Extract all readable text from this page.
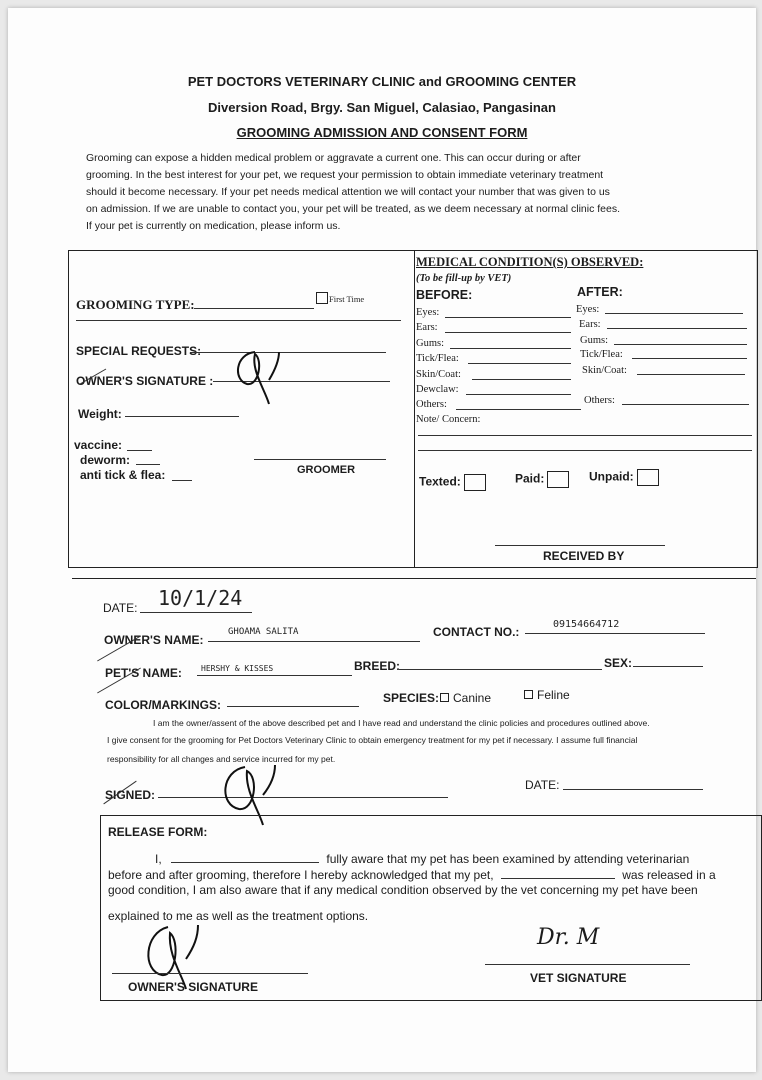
PET DOCTORS VETERINARY CLINIC and GROOMING CENTER
Diversion Road, Brgy. San Miguel, Calasiao, Pangasinan
GROOMING ADMISSION AND CONSENT FORM

Grooming can expose a hidden medical problem or aggravate a current one. This can occur during or after

grooming. In the best interest for your pet, we request your permission to obtain immediate veterinary treatment

should it become necessary. If your pet needs medical attention we will contact your number that was given to us

on admission. If we are unable to contact you, your pet will be treated, as we deem necessary at normal clinic fees.

If your pet is currently on medication, please inform us.

GROOMING TYPE:	First Time
SPECIAL REQUESTS:
OWNER'S SIGNATURE :
Weight:
vaccine:
deworm:
anti tick & flea:	GROOMER
MEDICAL CONDITION(S) OBSERVED:
(To be fill-up by VET)
BEFORE:	AFTER:
Eyes:	Eyes:
Ears:	Ears:
Gums:	Gums:
Tick/Flea:	Tick/Flea:
Skin/Coat:	Skin/Coat:
Dewclaw:
Others:	Others:
Note/ Concern:
Texted:	Paid:	Unpaid:
RECEIVED BY
DATE: 10/1/24
OWNER'S NAME:
GHOAMA SALITA	CONTACT NO.:
09154664712
PET'S NAME: HERSHY & KISSES	BREED:	SEX:
COLOR/MARKINGS:	SPECIES:	Canine	Feline
I am the owner/assent of the above described pet and I have read and understand the clinic policies and procedures outlined above.
I give consent for the grooming for Pet Doctors Veterinary Clinic to obtain emergency treatment for my pet if necessary. I assume full financial
responsibility for all changes and service incurred for my pet.
SIGNED:
DATE:
RELEASE FORM:
I,	fully aware that my pet has been examined by attending veterinarian
before and after grooming, therefore I hereby acknowledged that my pet,	was released in a
good condition, I am also aware that if any medical condition observed by the vet concerning my pet have been
explained to me as well as the treatment options.
OWNER'S SIGNATURE
Dr. M
VET SIGNATURE
